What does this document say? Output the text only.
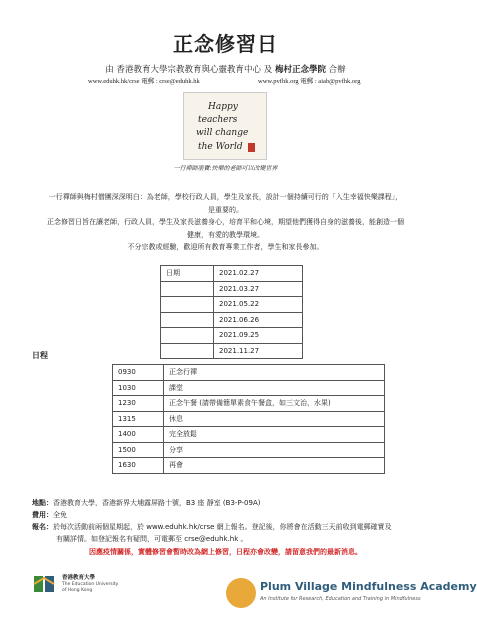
正念修習日
由 香港教育大學宗教教育與心靈教育中心 及 梅村正念學院 合辦
www.eduhk.hk/crse 電郵 : crse@eduhk.hk	www.pvfhk.org 電郵 : aiab@pvfhk.org
Happy
teachers
will change
the World
一行禪師墨寶:快樂的老師可以改變世界
一行禪師與梅村僧團深深明白：為老師，學校行政人員，學生及家長，設計一個持續可行的「入生幸福快樂課程」，
是重要的。
正念修習日旨在讓老師，行政人員，學生及家長滋養身心，培育平和心境，期望他們獲得自身的滋養後，能創造一個
健康，有愛的教學環境。
不分宗教或經驗，歡迎所有教育專業工作者，學生和家長參加。
日期	2021.02.27
	2021.03.27
	2021.05.22
	2021.06.26
	2021.09.25
	2021.11.27
日程
0930	正念行禪
1030	課堂
1230	正念午餐 (請帶備簡單素食午餐盒，如三文治，水果)
1315	休息
1400	完全放鬆
1500	分享
1630	再會
地點：香港教育大學，香港新界大埔露屏路十號，B3 座 靜室 (B3-P-09A)
費用：全免
報名：於每次活動前兩個星期起，於 www.eduhk.hk/crse 網上報名。登記後，你將會在活動三天前收到電郵確實及
有關詳情。如登記報名有疑問，可電郵至 crse@eduhk.hk 。
因應疫情關係，實體修習會暫時改為網上修習，日程亦會改變，請留意我們的最新消息。
香港教育大學
The Education University
of Hong Kong	Plum Village Mindfulness Academy
An Institute for Research, Education and Training in Mindfulness
